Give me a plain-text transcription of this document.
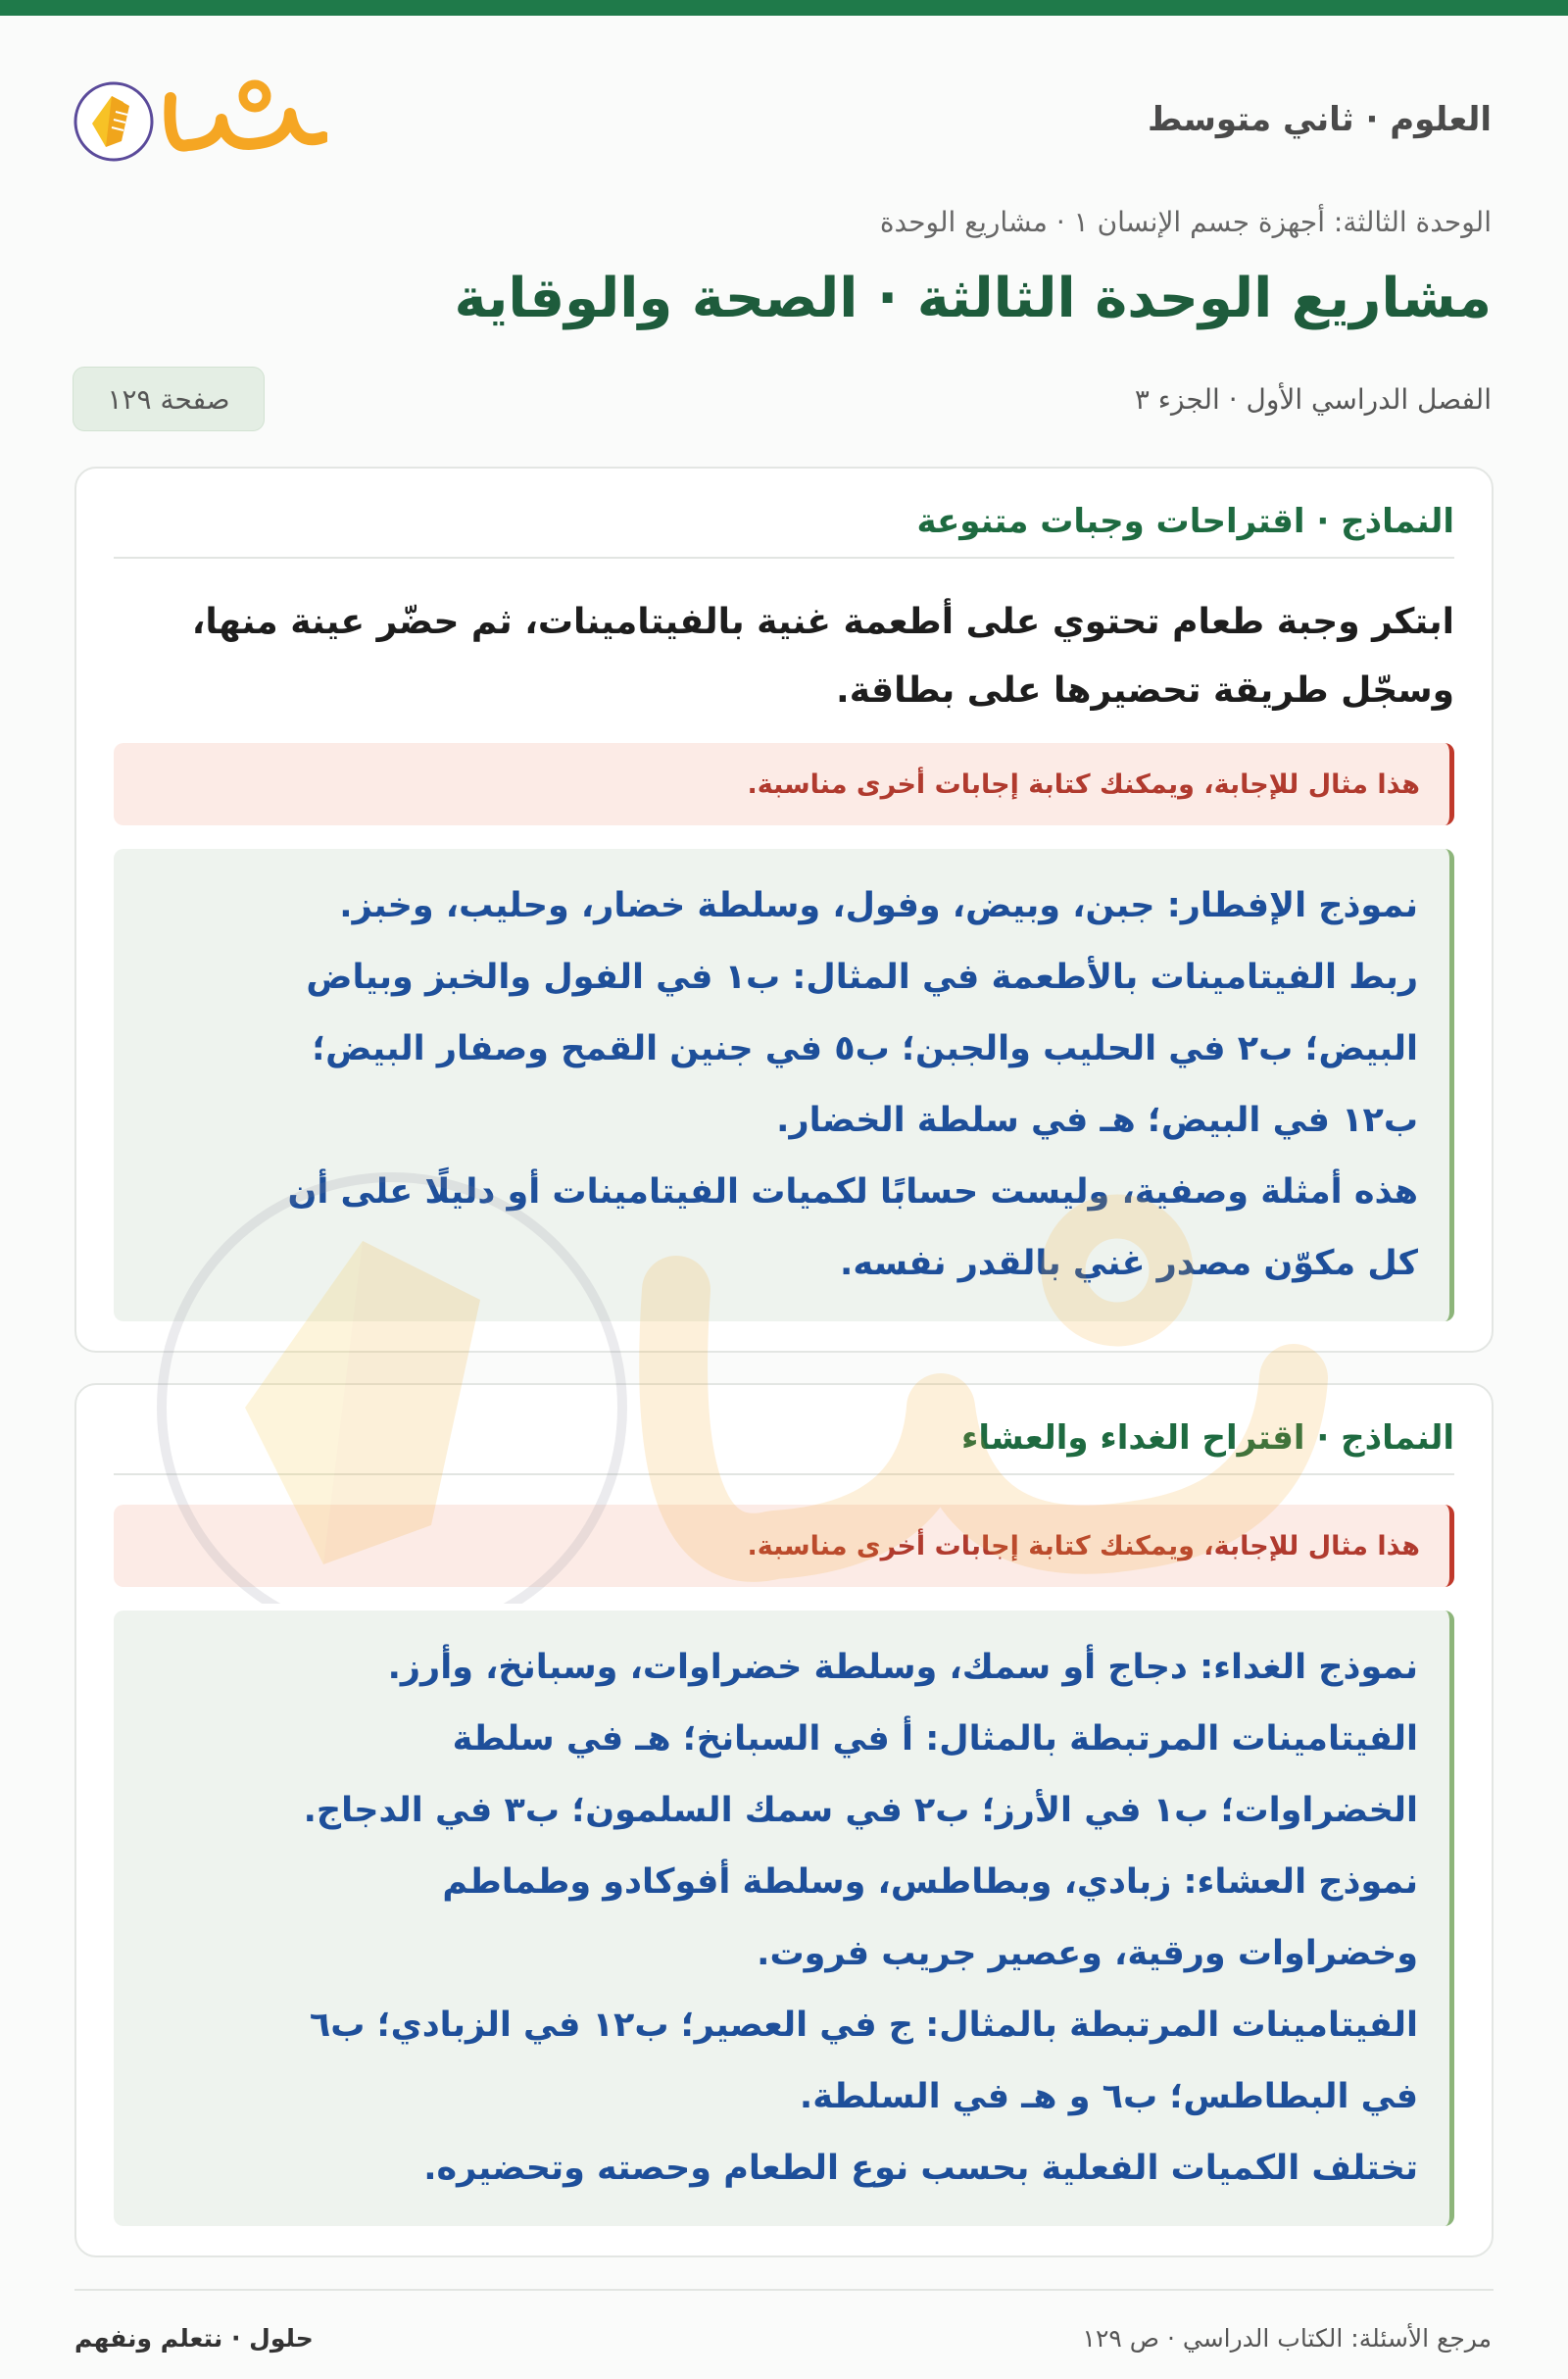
العلوم · ثاني متوسط
الوحدة الثالثة: أجهزة جسم الإنسان ١ · مشاريع الوحدة
مشاريع الوحدة الثالثة · الصحة والوقاية
الفصل الدراسي الأول · الجزء ٣
صفحة ١٢٩
النماذج · اقتراحات وجبات متنوعة
ابتكر وجبة طعام تحتوي على أطعمة غنية بالفيتامينات، ثم حضّر عينة منها،
وسجّل طريقة تحضيرها على بطاقة.
هذا مثال للإجابة، ويمكنك كتابة إجابات أخرى مناسبة.

نموذج الإفطار: جبن، وبيض، وفول، وسلطة خضار، وحليب، وخبز.

ربط الفيتامينات بالأطعمة في المثال: ب١ في الفول والخبز وبياض

البيض؛ ب٢ في الحليب والجبن؛ ب٥ في جنين القمح وصفار البيض؛

ب١٢ في البيض؛ هـ في سلطة الخضار.

هذه أمثلة وصفية، وليست حسابًا لكميات الفيتامينات أو دليلًا على أن

كل مكوّن مصدر غني بالقدر نفسه.

النماذج · اقتراح الغداء والعشاء
هذا مثال للإجابة، ويمكنك كتابة إجابات أخرى مناسبة.

نموذج الغداء: دجاج أو سمك، وسلطة خضراوات، وسبانخ، وأرز.

الفيتامينات المرتبطة بالمثال: أ في السبانخ؛ هـ في سلطة

الخضراوات؛ ب١ في الأرز؛ ب٢ في سمك السلمون؛ ب٣ في الدجاج.

نموذج العشاء: زبادي، وبطاطس، وسلطة أفوكادو وطماطم

وخضراوات ورقية، وعصير جريب فروت.

الفيتامينات المرتبطة بالمثال: ج في العصير؛ ب١٢ في الزبادي؛ ب٦

في البطاطس؛ ب٦ و هـ في السلطة.

تختلف الكميات الفعلية بحسب نوع الطعام وحصته وتحضيره.

مرجع الأسئلة: الكتاب الدراسي · ص ١٢٩
حلول · نتعلم ونفهم
